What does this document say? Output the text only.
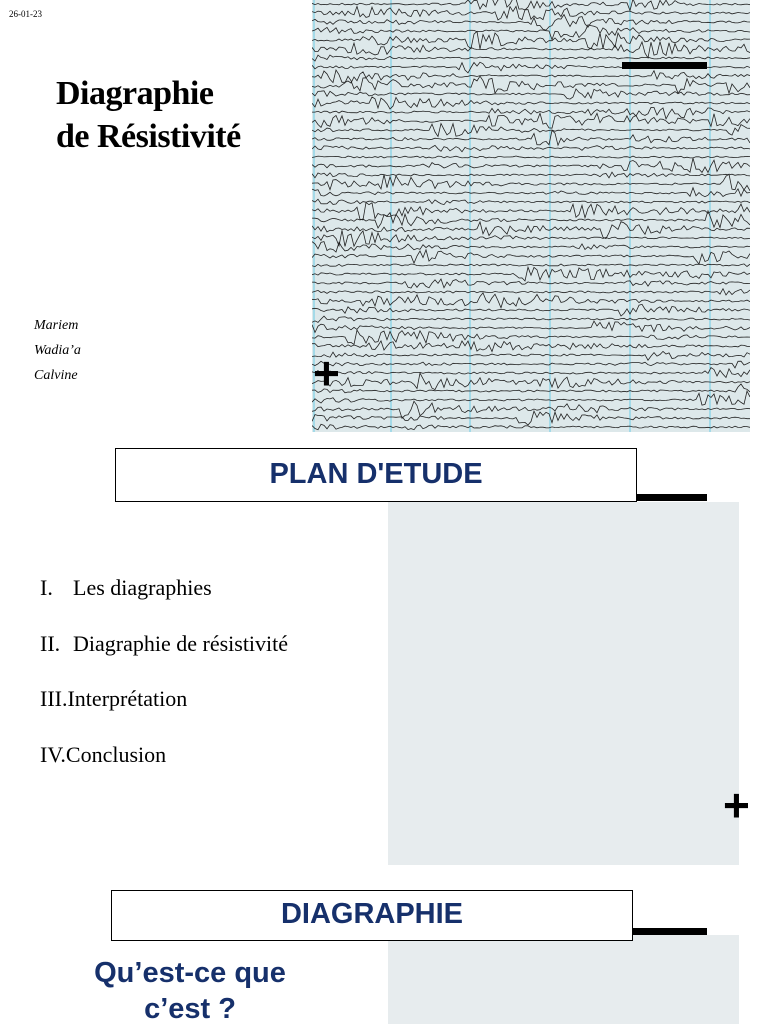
26-01-23
Diagraphie
de Résistivité
Mariem
Wadia’a
Calvine	+
PLAN D'ETUDE
I. Les diagraphies
II. Diagraphie de résistivité
III. Interprétation
IV. Conclusion
+
DIAGRAPHIE
Qu’est-ce que
c’est ?
